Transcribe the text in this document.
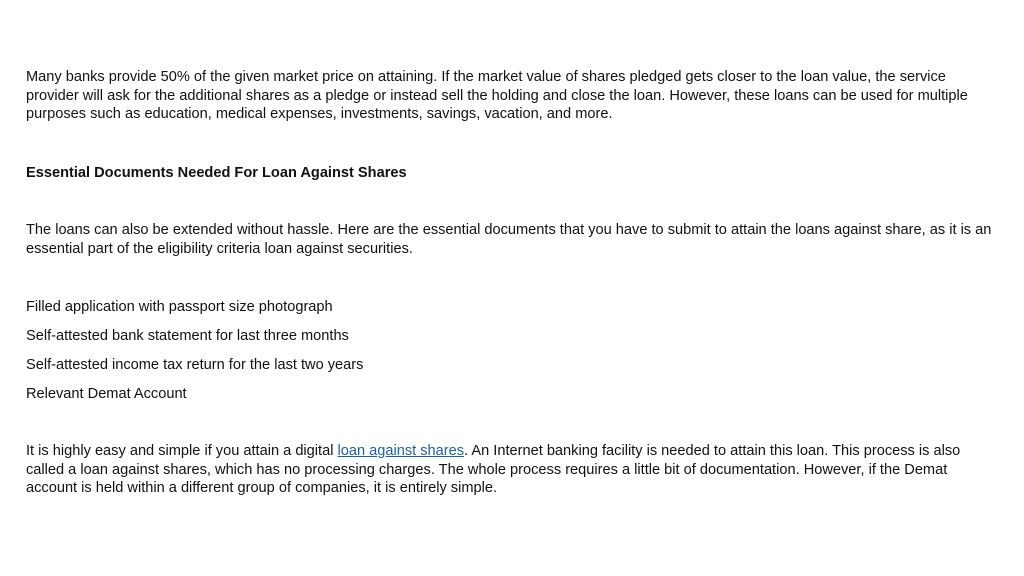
Many banks provide 50% of the given market price on attaining. If the market value of shares pledged gets closer to the loan value, the service provider will ask for the additional shares as a pledge or instead sell the holding and close the loan. However, these loans can be used for multiple purposes such as education, medical expenses, investments, savings, vacation, and more.

Essential Documents Needed For Loan Against Shares

The loans can also be extended without hassle. Here are the essential documents that you have to submit to attain the loans against share, as it is an essential part of the eligibility criteria loan against securities.

Filled application with passport size photograph
Self-attested bank statement for last three months
Self-attested income tax return for the last two years
Relevant Demat Account

It is highly easy and simple if you attain a digital loan against shares. An Internet banking facility is needed to attain this loan. This process is also called a loan against shares, which has no processing charges. The whole process requires a little bit of documentation. However, if the Demat account is held within a different group of companies, it is entirely simple.
